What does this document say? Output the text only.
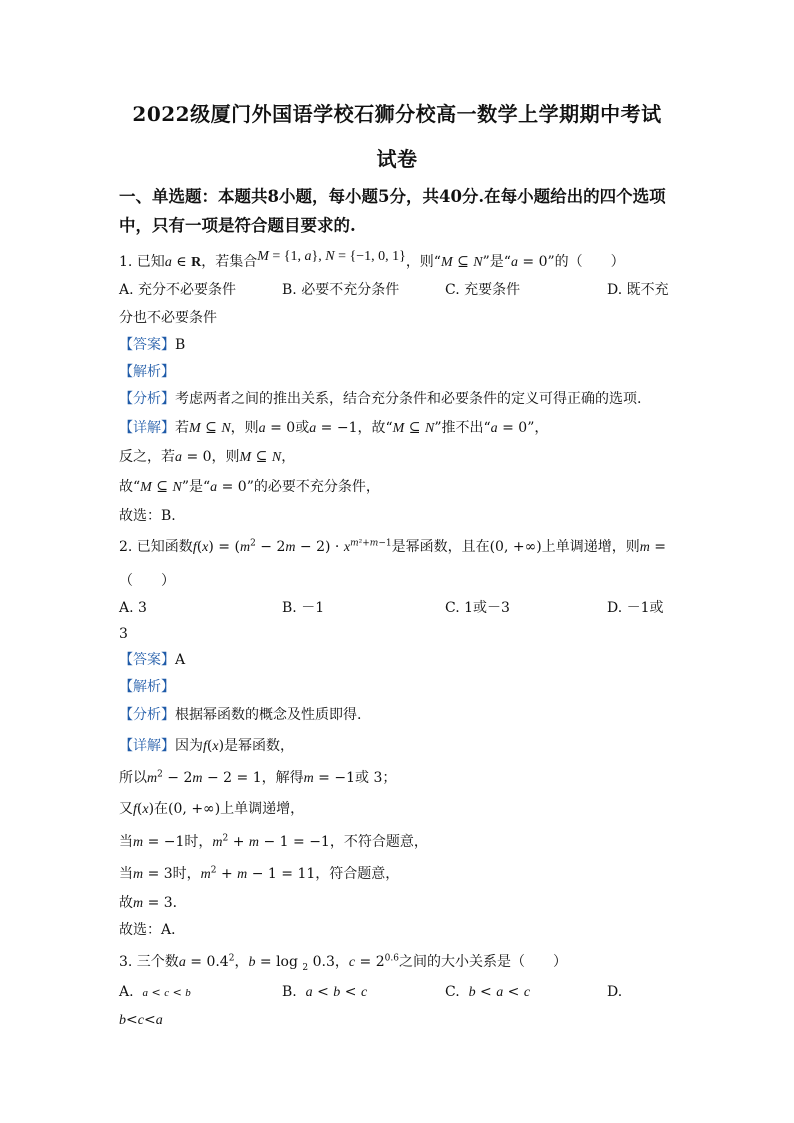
2022级厦门外国语学校石狮分校高一数学上学期期中考试
试卷
一、单选题：本题共8小题，每小题5分，共40分.在每小题给出的四个选项
中，只有一项是符合题目要求的.
1. 已知a ∈ R，若集合M = {1, a}, N = {−1, 0, 1}，则“M ⊆ N”是“a = 0”的（　　）
A. 充分不必要条件	B. 必要不充分条件	C. 充要条件	D. 既不充
分也不必要条件
【答案】B
【解析】
【分析】考虑两者之间的推出关系，结合充分条件和必要条件的定义可得正确的选项.
【详解】若M ⊆ N，则a = 0或a = −1，故“M ⊆ N”推不出“a = 0”，
反之，若a = 0，则M ⊆ N，
故“M ⊆ N”是“a = 0”的必要不充分条件，
故选：B.
2. 已知函数$f(x) = (m^2 - 2m - 2) \cdot x^{m^2+m-1}$是幂函数，且在(0, +∞)上单调递增，则m =
（　　）
A. 3	B. －1	C. 1或－3	D. －1或
3
【答案】A
【解析】
【分析】根据幂函数的概念及性质即得.
【详解】因为f(x)是幂函数，
所以$m^2 - 2m - 2 = 1$，解得m = −1或 3；
又f(x)在(0, +∞)上单调递增，
当m = −1时，$m^2 + m - 1 = -1$，不符合题意，
当m = 3时，$m^2 + m - 1 = 11$，符合题意，
故m = 3．
故选：A．
3. 三个数$a = 0.4^2$，b = log $_2$ 0.3，$c = 2^{0.6}$之间的大小关系是（　　）
A. a < c < b	B. a < b < c	C. b < a < c	D.
b<c<a
